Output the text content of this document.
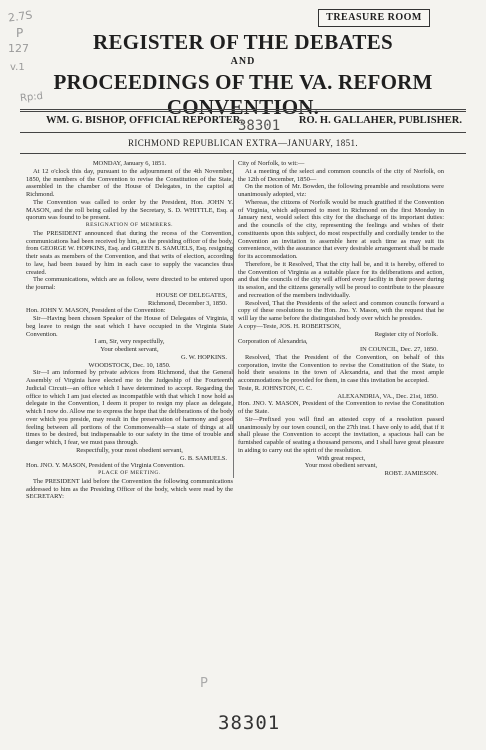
TREASURE ROOM
2.7S
P
127
v.1
Rp:d
REGISTER OF THE DEBATES
AND
PROCEEDINGS OF THE VA. REFORM CONVENTION.
WM. G. BISHOP, OFFICIAL REPORTER.
38301 RO. H. GALLAHER, PUBLISHER.
RICHMOND REPUBLICAN EXTRA—JANUARY, 1851.

MONDAY, January 6, 1851.

At 12 o'clock this day, pursuant to the adjournment of the 4th November, 1850, the members of the Convention to revise the Constitution of the State, assembled in the chamber of the House of Delegates, in the capitol at Richmond.

The Convention was called to order by the President, Hon. JOHN Y. MASON, and the roll being called by the Secretary, S. D. WHITTLE, Esq. a quorum was found to be present.

RESIGNATION OF MEMBERS.

The PRESIDENT announced that during the recess of the Convention, communications had been received by him, as the presiding officer of the body, from GEORGE W. HOPKINS, Esq. and GREEN B. SAMUELS, Esq. resigning their seats as members of the Convention, and that writs of election, according to law, had been issued by him in each case to supply the vacancies thus created.

The communications, which are as follow, were directed to be entered upon the journal:

HOUSE OF DELEGATES,

Richmond, December 3, 1850.

Hon. JOHN Y. MASON, President of the Convention:

Sir—Having been chosen Speaker of the House of Delegates of Virginia, I beg leave to resign the seat which I have occupied in the Virginia State Convention.

I am, Sir, very respectfully,

Your obedient servant,

G. W. HOPKINS.

WOODSTOCK, Dec. 10, 1850.

Sir—I am informed by private advices from Richmond, that the General Assembly of Virginia have elected me to the Judgeship of the Fourteenth Judicial Circuit—an office which I have determined to accept. Regarding the office to which I am just elected as incompatible with that which I now hold as delegate in the Convention, I deem it proper to resign my place as delegate, which I now do. Allow me to express the hope that the deliberations of the body over which you preside, may result in the preservation of harmony and good feeling between all portions of the Commonwealth—a state of things at all times to be desired, but indispensable to our safety in the time of trouble and danger which, I fear, we must pass through.

Respectfully, your most obedient servant,

G. B. SAMUELS.

Hon. JNO. Y. MASON, President of the Virginia Convention.

PLACE OF MEETING.

The PRESIDENT laid before the Convention the following communications addressed to him as the Presiding Officer of the body, which were read by the SECRETARY:

City of Norfolk, to wit:—

At a meeting of the select and common councils of the city of Norfolk, on the 12th of December, 1850—

On the motion of Mr. Bowden, the following preamble and resolutions were unanimously adopted, viz:

Whereas, the citizens of Norfolk would be much gratified if the Convention of Virginia, which adjourned to meet in Richmond on the first Monday in January next, would select this city for the discharge of its important duties: and the councils of the city, representing the feelings and wishes of their constituents upon this subject, do most respectfully and cordially tender to the Convention an invitation to assemble here at such time as may suit its convenience, with the assurance that every desirable arrangement shall be made for its accommodation.

Therefore, be it Resolved, That the city hall be, and it is hereby, offered to the Convention of Virginia as a suitable place for its deliberations and action, and that the councils of the city will afford every facility in their power during its session, and the citizens generally will be proud to contribute to the pleasure and recreation of the members individually.

Resolved, That the Presidents of the select and common councils forward a copy of these resolutions to the Hon. Jno. Y. Mason, with the request that he will lay the same before the distinguished body over which he presides.

A copy—Teste, JOS. H. ROBERTSON,

Register city of Norfolk.

Corporation of Alexandria,

IN COUNCIL, Dec. 27, 1850.

Resolved, That the President of the Convention, on behalf of this corporation, invite the Convention to revise the Constitution of the State, to hold their sessions in the town of Alexandria, and that the most ample accommodations be provided for them, in case this invitation be accepted.

Teste, R. JOHNSTON, C. C.

ALEXANDRIA, VA., Dec. 21st, 1850.

Hon. JNO. Y. MASON, President of the Convention to revise the Constitution of the State.

Sir—Prefixed you will find an attested copy of a resolution passed unanimously by our town council, on the 27th inst. I have only to add, that if it shall please the Convention to accept the invitation, a spacious hall can be furnished capable of seating a thousand persons, and I shall have great pleasure in aiding to carry out the spirit of the resolution.

With great respect,

Your most obedient servant,

ROBT. JAMIESON.

P
38301
